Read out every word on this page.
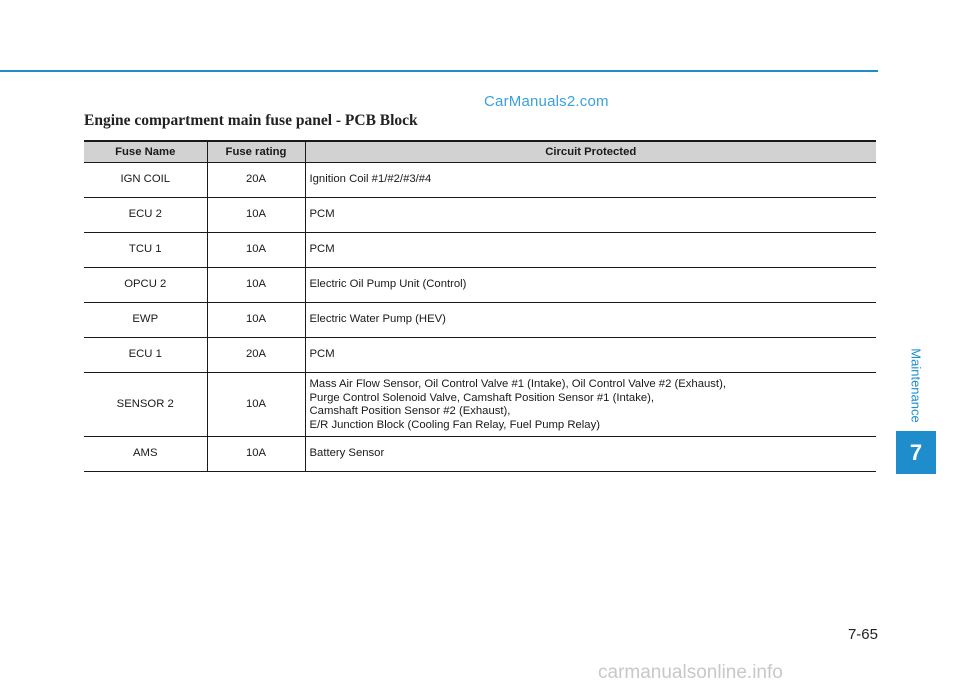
CarManuals2.com
Engine compartment main fuse panel - PCB Block
Fuse Name	Fuse rating	Circuit Protected
IGN COIL	20A	Ignition Coil #1/#2/#3/#4

ECU 2	10A	PCM

TCU 1	10A	PCM

OPCU 2	10A	Electric Oil Pump Unit (Control)

EWP	10A	Electric Water Pump (HEV)

ECU 1	20A	PCM

SENSOR 2	10A	Mass Air Flow Sensor, Oil Control Valve #1 (Intake), Oil Control Valve #2 (Exhaust),
Purge Control Solenoid Valve, Camshaft Position Sensor #1 (Intake),
Camshaft Position Sensor #2 (Exhaust),
E/R Junction Block (Cooling Fan Relay, Fuel Pump Relay)

AMS	10A	Battery Sensor
Maintenance
7
7-65
carmanualsonline.info
